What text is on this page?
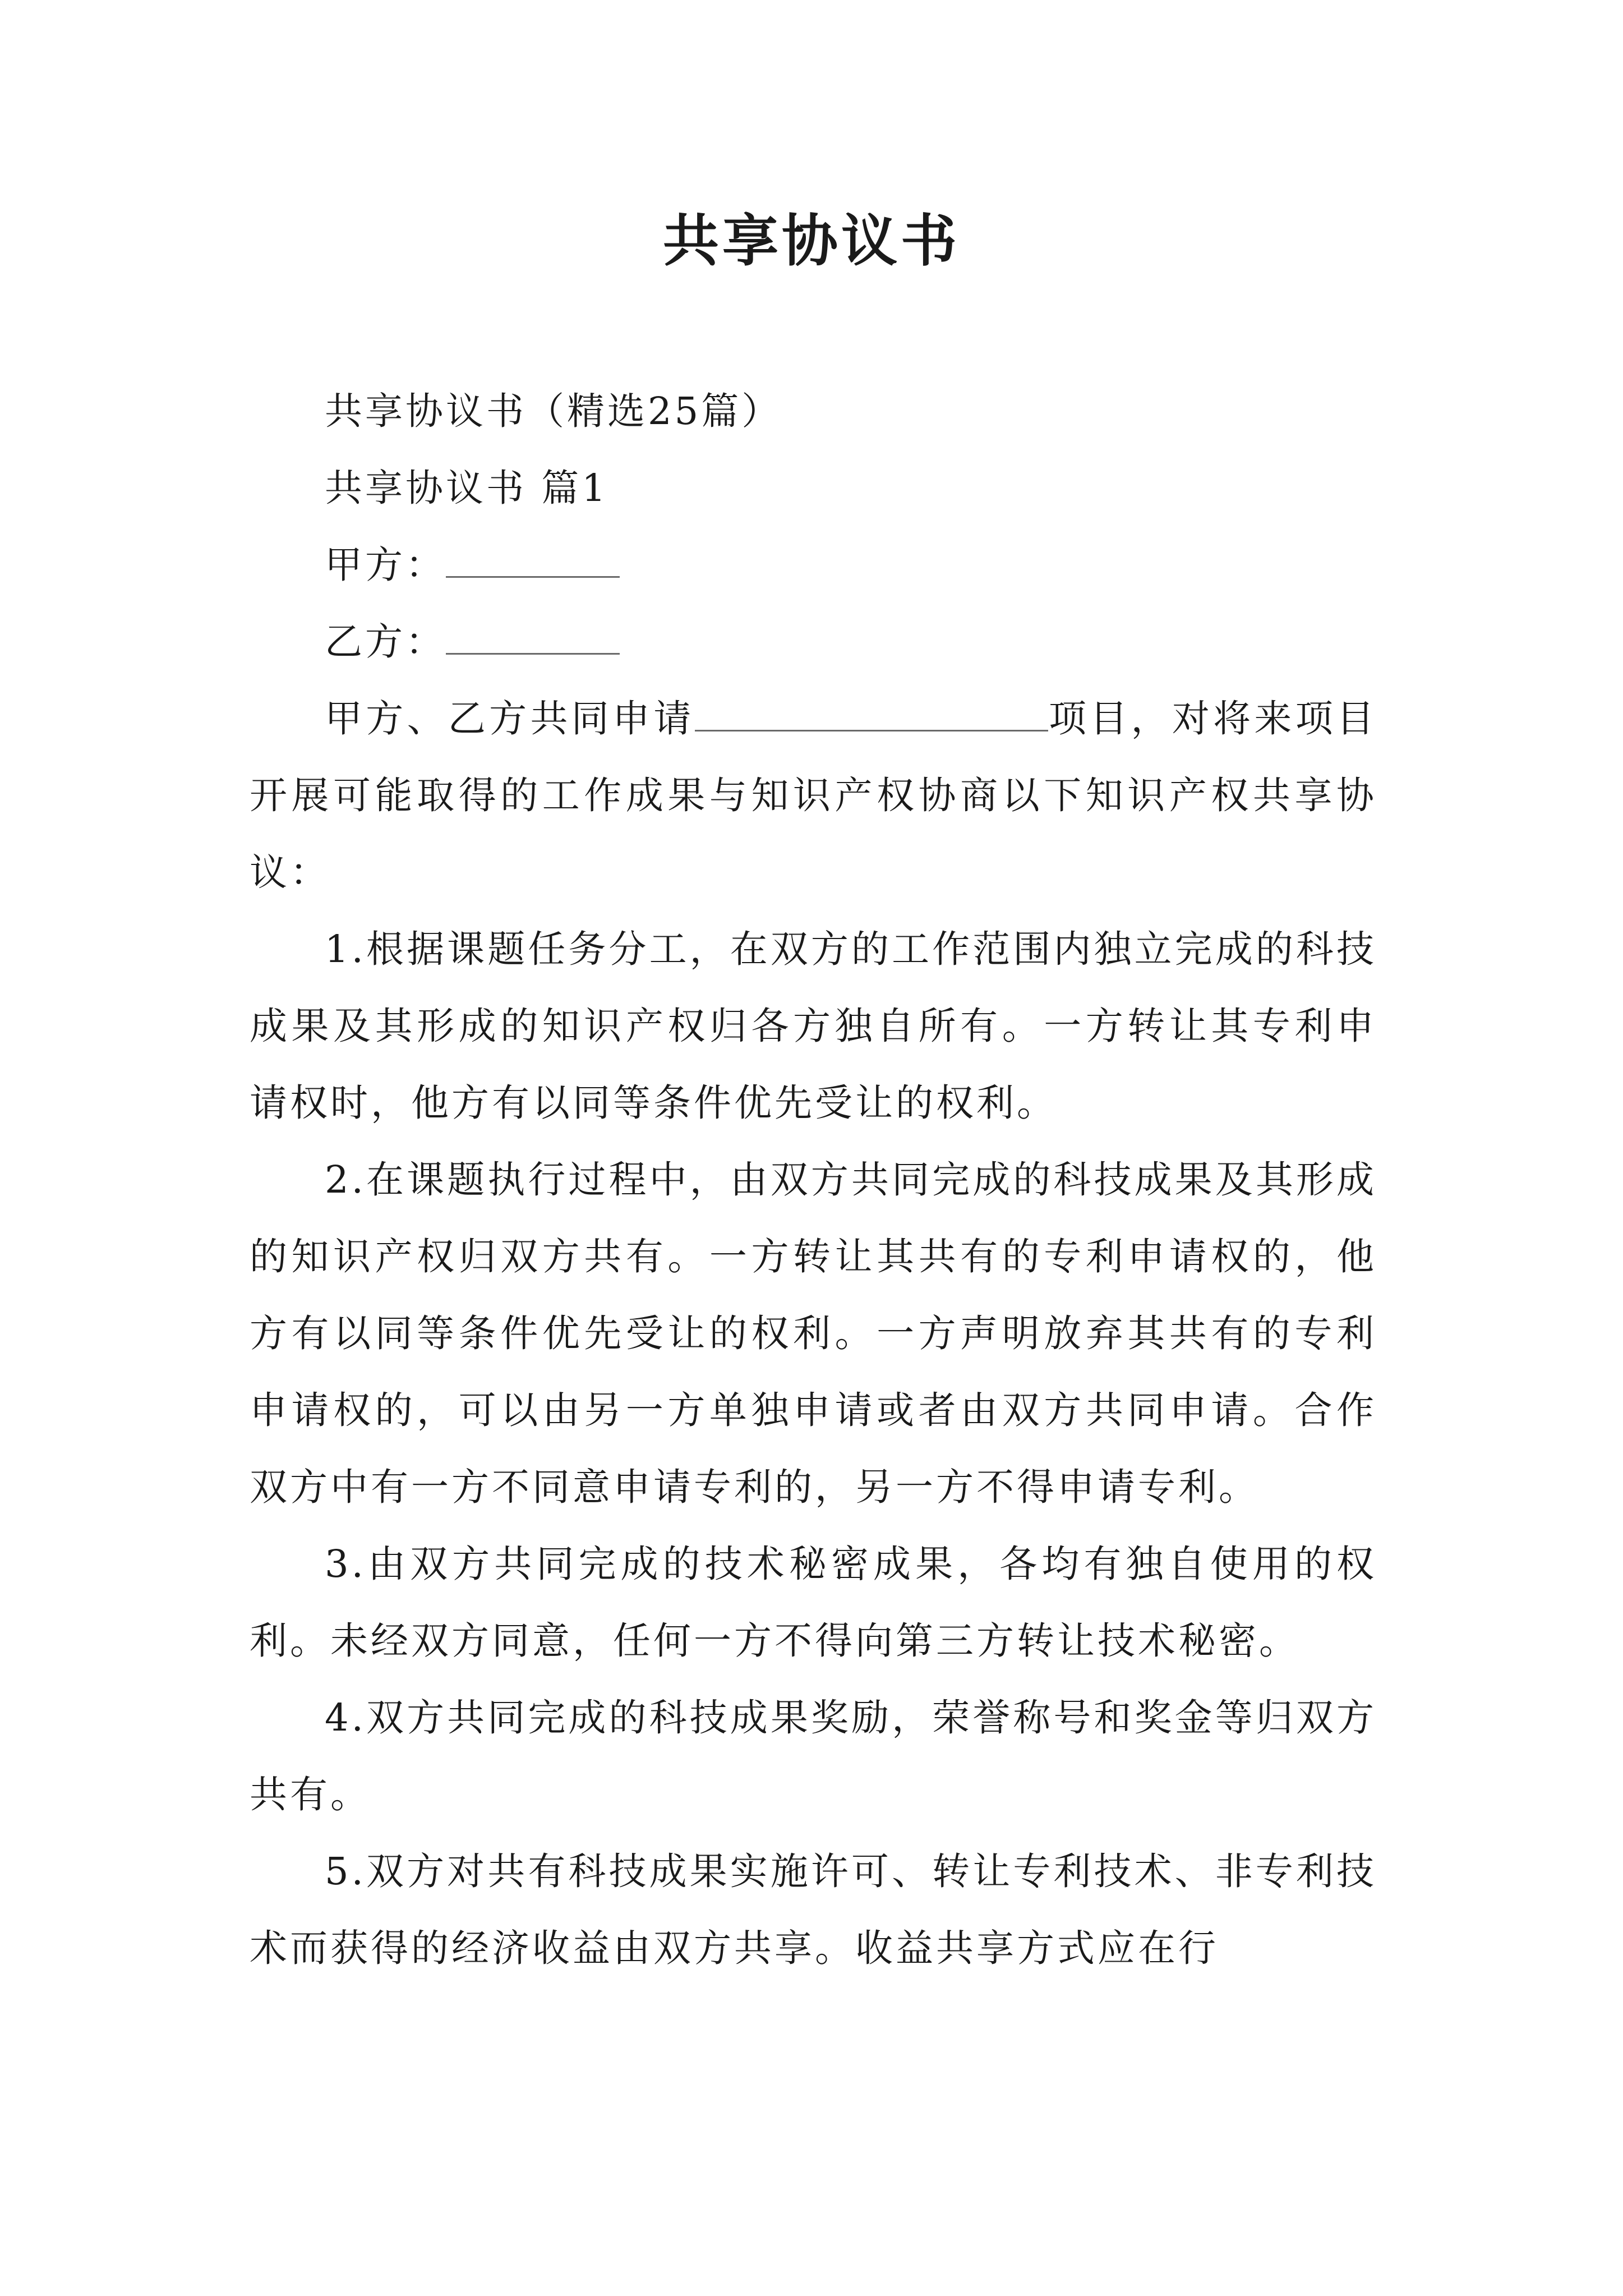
共享协议书

共享协议书（精选25篇）

共享协议书 篇1

甲方：

乙方：

甲方、乙方共同申请	项目，对将来项目开展可能取得的工作成果与知识产权协商以下知识产权共享协议：

1.根据课题任务分工，在双方的工作范围内独立完成的科技成果及其形成的知识产权归各方独自所有。一方转让其专利申请权时，他方有以同等条件优先受让的权利。

2.在课题执行过程中，由双方共同完成的科技成果及其形成的知识产权归双方共有。一方转让其共有的专利申请权的，他方有以同等条件优先受让的权利。一方声明放弃其共有的专利申请权的，可以由另一方单独申请或者由双方共同申请。合作双方中有一方不同意申请专利的，另一方不得申请专利。

3.由双方共同完成的技术秘密成果，各均有独自使用的权利。未经双方同意，任何一方不得向第三方转让技术秘密。

4.双方共同完成的科技成果奖励，荣誉称号和奖金等归双方共有。

5.双方对共有科技成果实施许可、转让专利技术、非专利技术而获得的经济收益由双方共享。收益共享方式应在行
